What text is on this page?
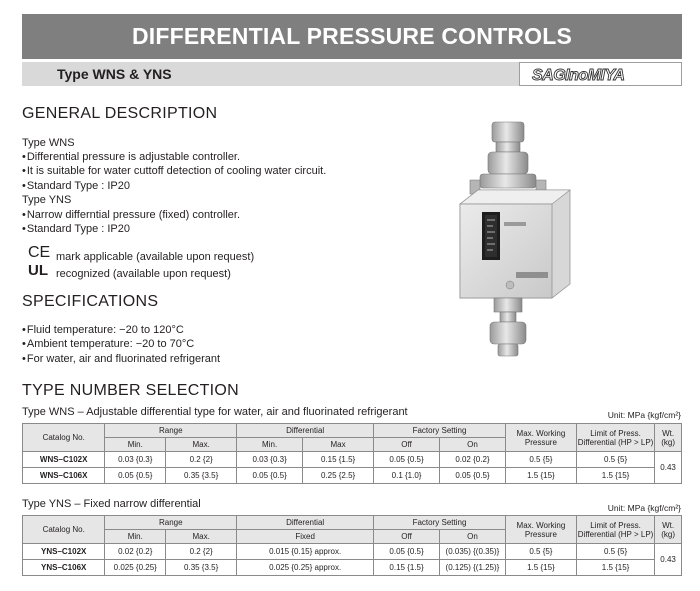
DIFFERENTIAL PRESSURE CONTROLS
Type WNS & YNS	SAGInoMIYA
GENERAL DESCRIPTION
Type WNS
• Differential pressure is adjustable controller.
• It is suitable for water cuttoff detection of cooling water circuit.
• Standard Type : IP20
Type YNS
• Narrow differntial pressure (fixed) controller.
• Standard Type : IP20
CE mark applicable (available upon request)
UL recognized (available upon request)
SPECIFICATIONS
• Fluid temperature: −20 to 120°C
• Ambient temperature: −20 to 70°C
• For water, air and fluorinated refrigerant
TYPE NUMBER SELECTION
Type WNS – Adjustable differential type for water, air and fluorinated refrigerant	Unit: MPa {kgf/cm²}
Catalog No.	Range		Differential		Factory Setting		Max. Working Pressure	Limit of Press. Differential (HP > LP)	Wt. (kg)
	Min.	Max.	Min.	Max	Off	On			
WNS–C102X	0.03 {0.3}	0.2 {2}	0.03 {0.3}	0.15 {1.5}	0.05 {0.5}	0.02 {0.2}	0.5 {5}	0.5 {5}	0.43
WNS–C106X	0.05 {0.5}	0.35 {3.5}	0.05 {0.5}	0.25 {2.5}	0.1 {1.0}	0.05 {0.5}	1.5 {15}	1.5 {15}	
Type YNS – Fixed narrow differential	Unit: MPa {kgf/cm²}
Catalog No.	Range		Differential	Factory Setting		Max. Working Pressure	Limit of Press. Differential (HP > LP)	Wt. (kg)
	Min.	Max.	Fixed	Off	On			
YNS–C102X	0.02 {0.2}	0.2 {2}	0.015 {0.15} approx.	0.05 {0.5}	(0.035) {(0.35)}	0.5 {5}	0.5 {5}	0.43
YNS–C106X	0.025 {0.25}	0.35 {3.5}	0.025 {0.25} approx.	0.15 {1.5}	(0.125) {(1.25)}	1.5 {15}	1.5 {15}	
